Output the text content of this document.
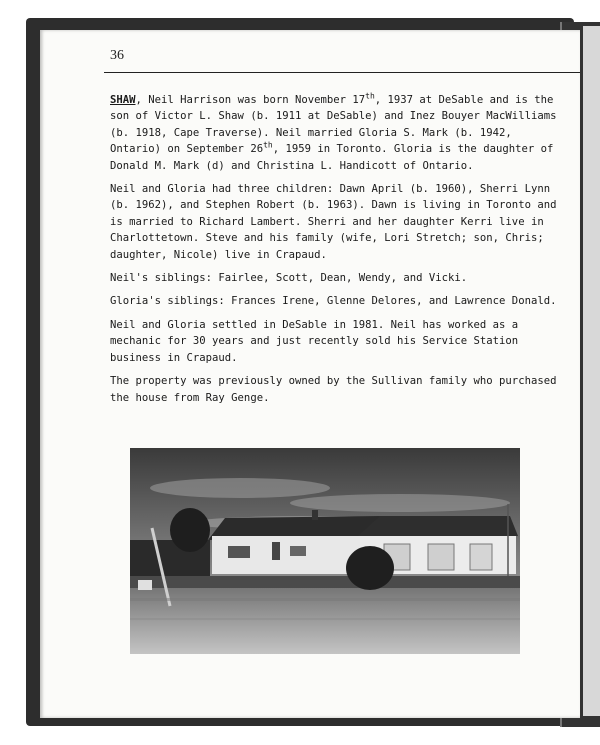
36

SHAW, Neil Harrison was born November 17th, 1937 at DeSable and is the son of Victor L. Shaw (b. 1911 at DeSable) and Inez Bouyer MacWilliams (b. 1918, Cape Traverse). Neil married Gloria S. Mark (b. 1942, Ontario) on September 26th, 1959 in Toronto. Gloria is the daughter of Donald M. Mark (d) and Christina L. Handicott of Ontario.

Neil and Gloria had three children: Dawn April (b. 1960), Sherri Lynn (b. 1962), and Stephen Robert (b. 1963). Dawn is living in Toronto and is married to Richard Lambert. Sherri and her daughter Kerri live in Charlottetown. Steve and his family (wife, Lori Stretch; son, Chris; daughter, Nicole) live in Crapaud.

Neil's siblings: Fairlee, Scott, Dean, Wendy, and Vicki.

Gloria's siblings: Frances Irene, Glenne Delores, and Lawrence Donald.

Neil and Gloria settled in DeSable in 1981. Neil has worked as a mechanic for 30 years and just recently sold his Service Station business in Crapaud.

The property was previously owned by the Sullivan family who purchased the house from Ray Genge.
